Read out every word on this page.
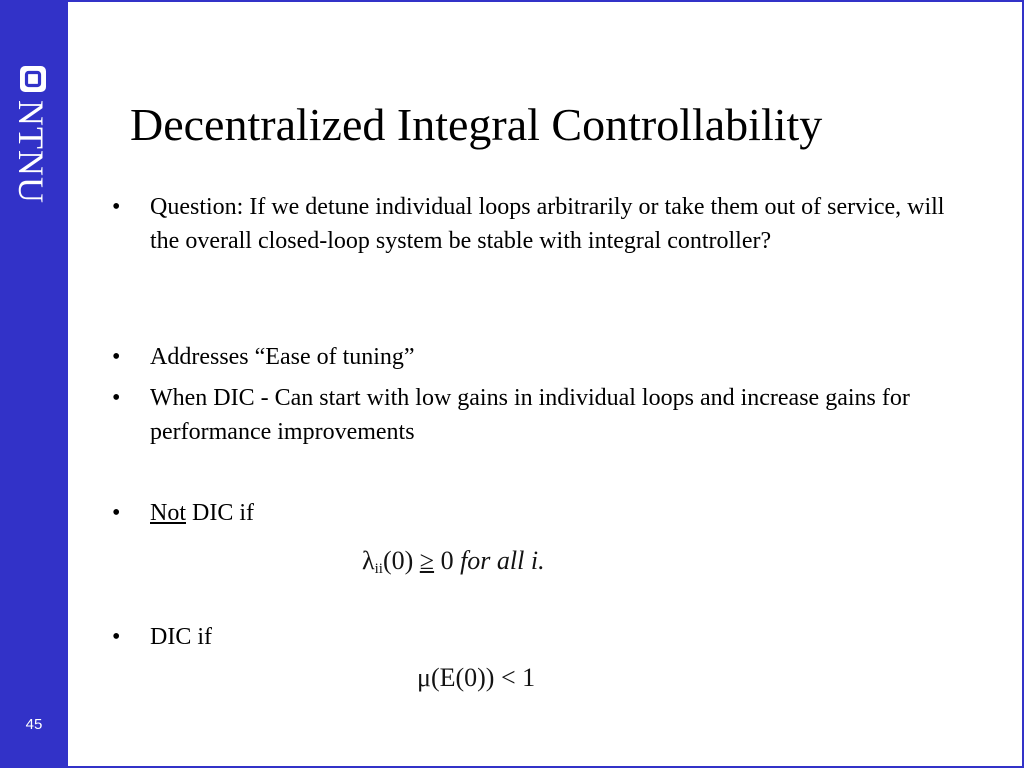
NTNU
45
Decentralized Integral Controllability
• Question: If we detune individual loops arbitrarily or take them out of service, will the overall closed-loop system be stable with integral controller?
• Addresses “Ease of tuning”
• When DIC - Can start with low gains in individual loops and increase gains for performance improvements
• Not DIC if
$\lambda_{ii}(0) \ge 0$ for all i.
• DIC if
μ(E(0)) < 1
